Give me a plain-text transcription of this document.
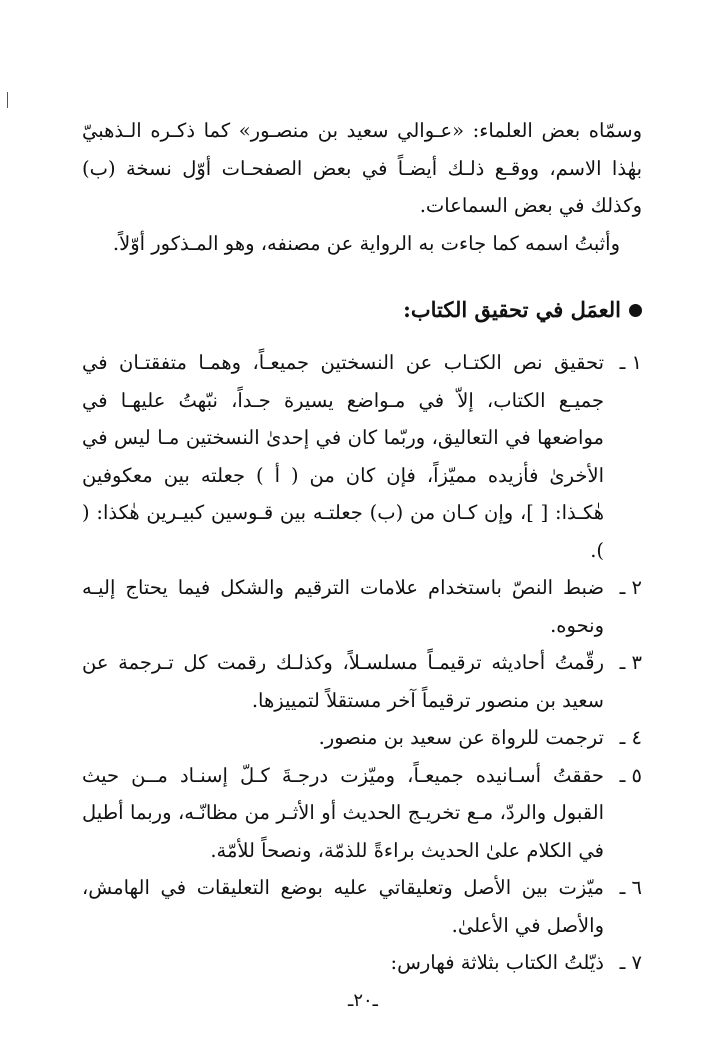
وسمّاه بعض العلماء: «عـوالي سعيد بن منصـور» كما ذكـره الـذهبيّ بهٰذا الاسم، ووقـع ذلـك أيضـاً في بعض الصفحـات أوّل نسخة (ب) وكذلك في بعض السماعات.

وأثبتُ اسمه كما جاءت به الرواية عن مصنفه، وهو المـذكور أوّلاً.

العمَل في تحقيق الكتاب:
١ ـ
تحقيق نص الكتـاب عن النسختين جميعـاً، وهمـا متفقتـان في جميـع الكتاب، إلاّ في مـواضع يسيرة جـداً، نبّهتُ عليهـا في مواضعها في التعاليق، وربّما كان في إحدىٰ النسختين مـا ليس في الأخرىٰ فأزيده مميّزاً، فإن كان من ( أ ) جعلته بين معكوفين هٰكـذا: [ ]، وإن كـان من (ب) جعلتـه بين قـوسين كبيـرين هٰكذا: ( ).
٢ ـ
ضبط النصّ باستخدام علامات الترقيم والشكل فيما يحتاج إليـه ونحوه.
٣ ـ
رقّمتُ أحاديثه ترقيمـاً مسلسـلاً، وكذلـك رقمت كل تـرجمة عن سعيد بن منصور ترقيماً آخر مستقلاً لتمييزها.
٤ ـ
ترجمت للرواة عن سعيد بن منصور.
٥ ـ
حققتُ أسـانيده جميعـاً، وميّزت درجـةَ كـلّ إسنـاد مــن حيث القبول والردّ، مـع تخريـج الحديث أو الأثـر من مظانّـه، وربما أطيل في الكلام علىٰ الحديث براءةً للذمّة، ونصحاً للأمّة.
٦ ـ
ميّزت بين الأصل وتعليقاتي عليه بوضع التعليقات في الهامش، والأصل في الأعلىٰ.
٧ ـ
ذيّلتُ الكتاب بثلاثة فهارس:
ـ٢٠ـ
